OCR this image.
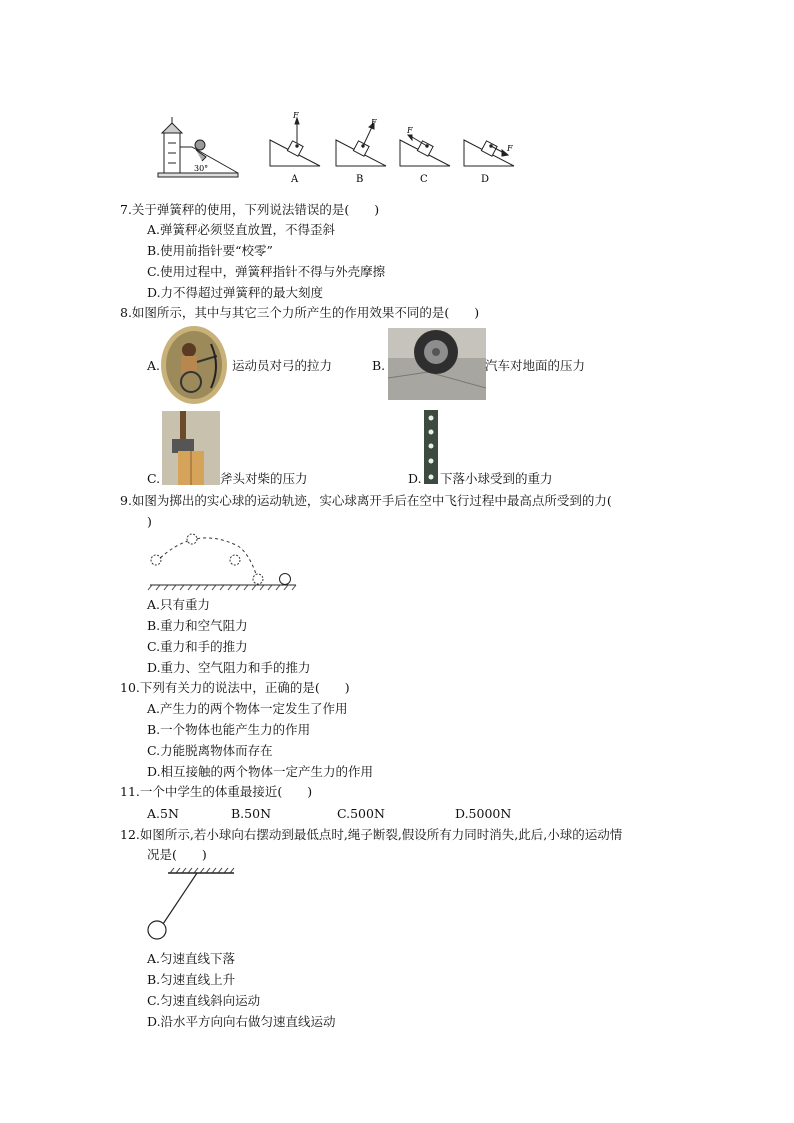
30°
F
A
F
B
F
C
F
D
7.关于弹簧秤的使用，下列说法错误的是(　　)
A.弹簧秤必须竖直放置，不得歪斜
B.使用前指针要“校零”
C.使用过程中，弹簧秤指针不得与外壳摩擦
D.力不得超过弹簧秤的最大刻度
8.如图所示，其中与其它三个力所产生的作用效果不同的是(　　)
A.	运动员对弓的拉力	B.	汽车对地面的压力
C.	斧头对柴的压力	D. 下落小球受到的重力
9.如图为掷出的实心球的运动轨迹，实心球离开手后在空中飞行过程中最高点所受到的力(
)
A.只有重力
B.重力和空气阻力
C.重力和手的推力
D.重力、空气阻力和手的推力
10.下列有关力的说法中，正确的是(　　)
A.产生力的两个物体一定发生了作用
B.一个物体也能产生力的作用
C.力能脱离物体而存在
D.相互接触的两个物体一定产生力的作用
11.一个中学生的体重最接近(　　)
A.5N	B.50N	C.500N	D.5000N
12.如图所示,若小球向右摆动到最低点时,绳子断裂,假设所有力同时消失,此后,小球的运动情
况是(　　)
A.匀速直线下落
B.匀速直线上升
C.匀速直线斜向运动
D.沿水平方向向右做匀速直线运动
